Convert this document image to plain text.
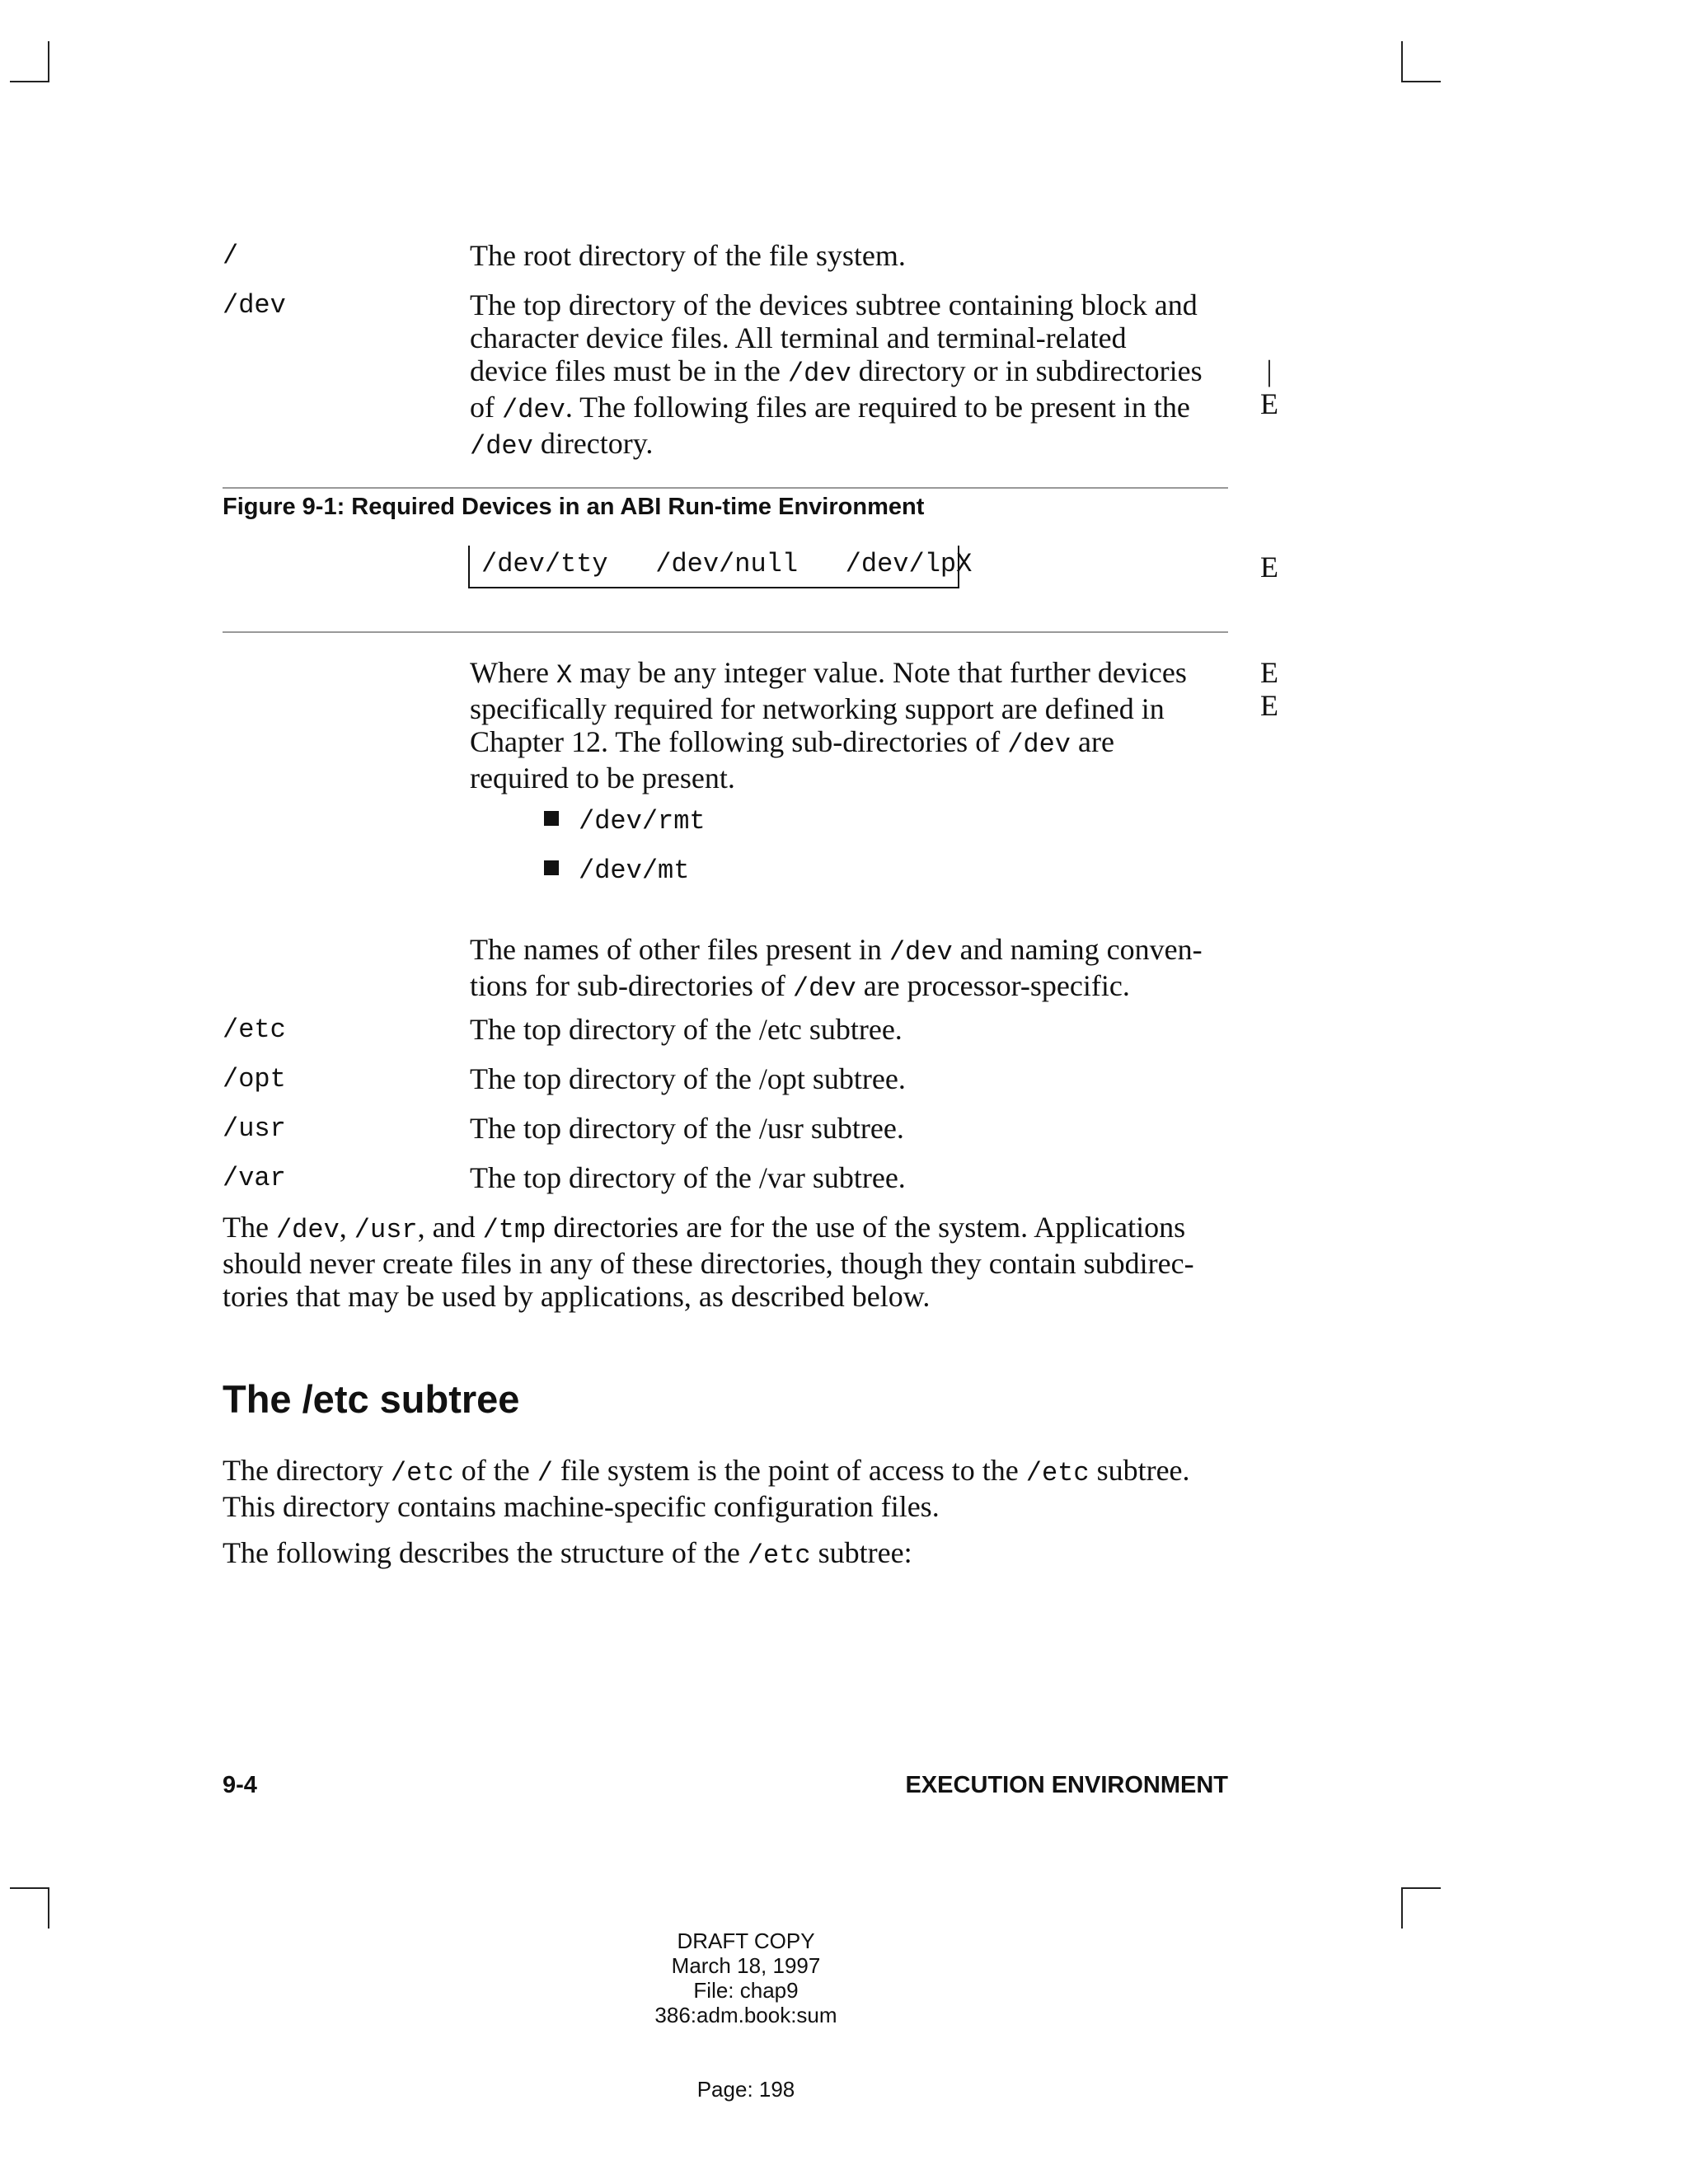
/	The root directory of the file system.
/dev	The top directory of the devices subtree containing block and
character device files. All terminal and terminal-related
device files must be in the /dev directory or in subdirectories
of /dev. The following files are required to be present in the
/dev directory.
|
E
Figure 9-1: Required Devices in an ABI Run-time Environment
/dev/tty /dev/null /dev/lpX	E
Where X may be any integer value. Note that further devices
specifically required for networking support are defined in
Chapter 12. The following sub-directories of /dev are
required to be present.
E
E
/dev/rmt
/dev/mt
The names of other files present in /dev and naming conven-
tions for sub-directories of /dev are processor-specific.
/etc	The top directory of the /etc subtree.
/opt	The top directory of the /opt subtree.
/usr	The top directory of the /usr subtree.
/var	The top directory of the /var subtree.
The /dev, /usr, and /tmp directories are for the use of the system. Applications
should never create files in any of these directories, though they contain subdirec-
tories that may be used by applications, as described below.
The /etc subtree
The directory /etc of the / file system is the point of access to the /etc subtree.
This directory contains machine-specific configuration files.
The following describes the structure of the /etc subtree:
9-4	EXECUTION ENVIRONMENT
DRAFT COPY
March 18, 1997
File: chap9
386:adm.book:sum
Page: 198
